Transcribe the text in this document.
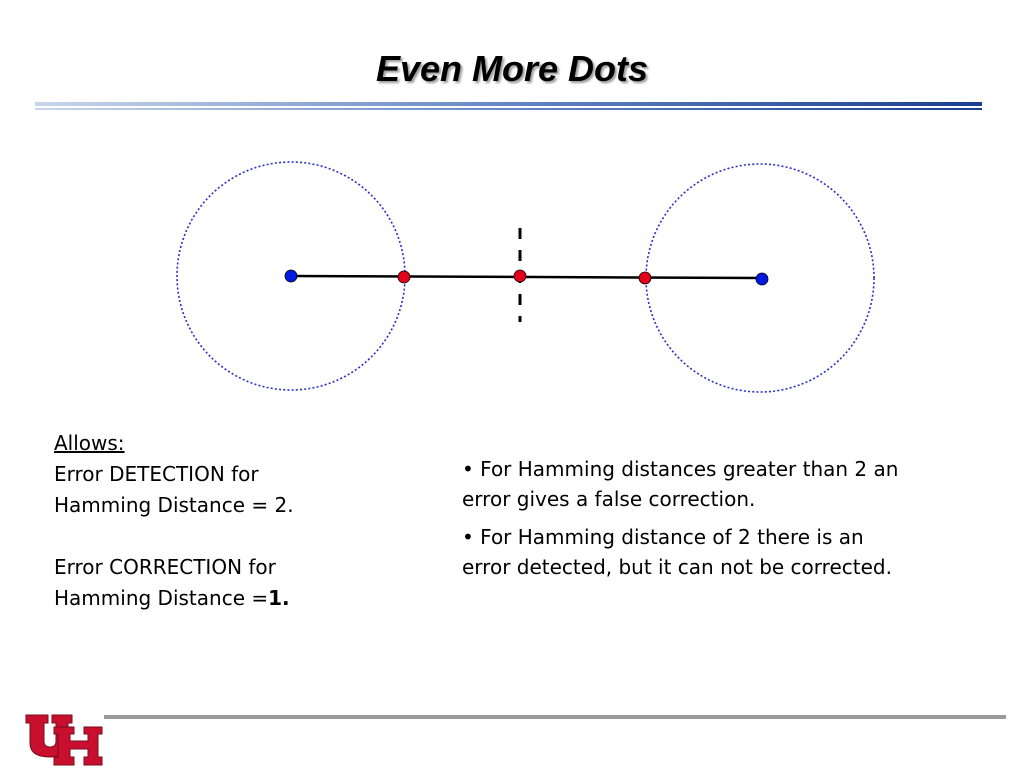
Even More Dots

Allows:

Error DETECTION for

Hamming Distance = 2.

Error CORRECTION for

Hamming Distance =1.

• For Hamming distances greater than 2 an error gives a false correction.
• For Hamming distance of 2 there is an error detected, but it can not be corrected.
